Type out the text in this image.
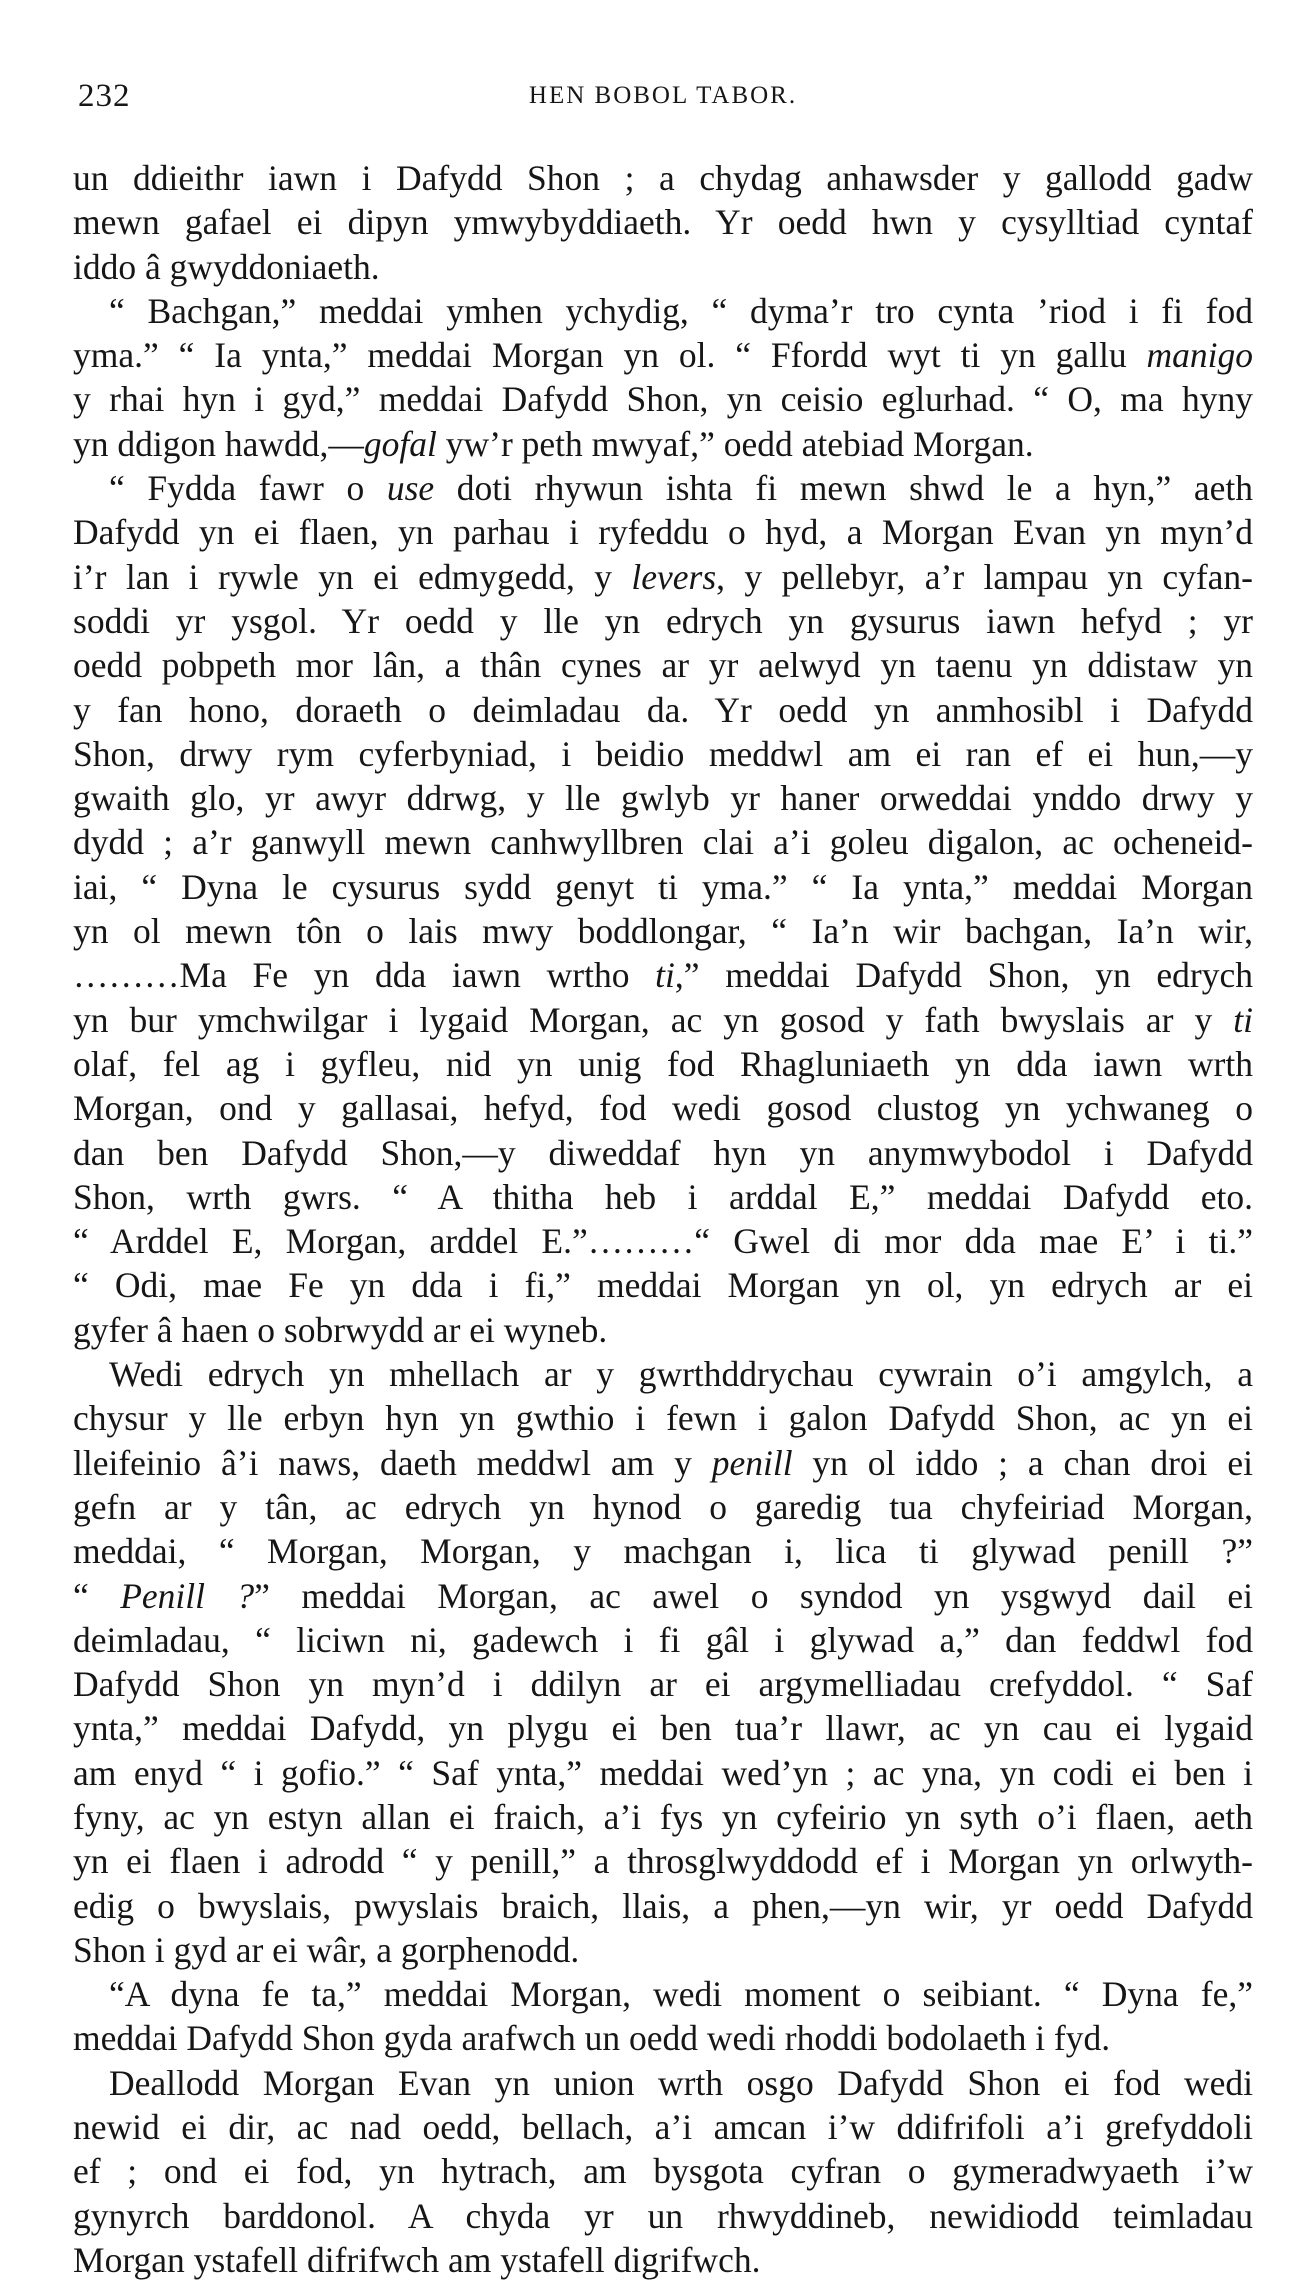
232	HEN BOBOL TABOR.
un ddieithr iawn i Dafydd Shon ; a chydag anhawsder y gallodd gadw
mewn gafael ei dipyn ymwybyddiaeth. Yr oedd hwn y cysylltiad cyntaf
iddo â gwyddoniaeth.
“ Bachgan,” meddai ymhen ychydig, “ dyma’r tro cynta ’riod i fi fod
yma.” “ Ia ynta,” meddai Morgan yn ol. “ Ffordd wyt ti yn gallu manigo
y rhai hyn i gyd,” meddai Dafydd Shon, yn ceisio eglurhad. “ O, ma hyny
yn ddigon hawdd,—gofal yw’r peth mwyaf,” oedd atebiad Morgan.
“ Fydda fawr o use doti rhywun ishta fi mewn shwd le a hyn,” aeth
Dafydd yn ei flaen, yn parhau i ryfeddu o hyd, a Morgan Evan yn myn’d
i’r lan i rywle yn ei edmygedd, y levers, y pellebyr, a’r lampau yn cyfan-
soddi yr ysgol. Yr oedd y lle yn edrych yn gysurus iawn hefyd ; yr
oedd pobpeth mor lân, a thân cynes ar yr aelwyd yn taenu yn ddistaw yn
y fan hono, doraeth o deimladau da. Yr oedd yn anmhosibl i Dafydd
Shon, drwy rym cyferbyniad, i beidio meddwl am ei ran ef ei hun,—y
gwaith glo, yr awyr ddrwg, y lle gwlyb yr haner orweddai ynddo drwy y
dydd ; a’r ganwyll mewn canhwyllbren clai a’i goleu digalon, ac ocheneid-
iai, “ Dyna le cysurus sydd genyt ti yma.” “ Ia ynta,” meddai Morgan
yn ol mewn tôn o lais mwy boddlongar, “ Ia’n wir bachgan, Ia’n wir,
………Ma Fe yn dda iawn wrtho ti,” meddai Dafydd Shon, yn edrych
yn bur ymchwilgar i lygaid Morgan, ac yn gosod y fath bwyslais ar y ti
olaf, fel ag i gyfleu, nid yn unig fod Rhagluniaeth yn dda iawn wrth
Morgan, ond y gallasai, hefyd, fod wedi gosod clustog yn ychwaneg o
dan ben Dafydd Shon,—y diweddaf hyn yn anymwybodol i Dafydd
Shon, wrth gwrs. “ A thitha heb i arddal E,” meddai Dafydd eto.
“ Arddel E, Morgan, arddel E.”………“ Gwel di mor dda mae E’ i ti.”
“ Odi, mae Fe yn dda i fi,” meddai Morgan yn ol, yn edrych ar ei
gyfer â haen o sobrwydd ar ei wyneb.
Wedi edrych yn mhellach ar y gwrthddrychau cywrain o’i amgylch, a
chysur y lle erbyn hyn yn gwthio i fewn i galon Dafydd Shon, ac yn ei
lleifeinio â’i naws, daeth meddwl am y penill yn ol iddo ; a chan droi ei
gefn ar y tân, ac edrych yn hynod o garedig tua chyfeiriad Morgan,
meddai, “ Morgan, Morgan, y machgan i, lica ti glywad penill ?”
“ Penill ?” meddai Morgan, ac awel o syndod yn ysgwyd dail ei
deimladau, “ liciwn ni, gadewch i fi gâl i glywad a,” dan feddwl fod
Dafydd Shon yn myn’d i ddilyn ar ei argymelliadau crefyddol. “ Saf
ynta,” meddai Dafydd, yn plygu ei ben tua’r llawr, ac yn cau ei lygaid
am enyd “ i gofio.” “ Saf ynta,” meddai wed’yn ; ac yna, yn codi ei ben i
fyny, ac yn estyn allan ei fraich, a’i fys yn cyfeirio yn syth o’i flaen, aeth
yn ei flaen i adrodd “ y penill,” a throsglwyddodd ef i Morgan yn orlwyth-
edig o bwyslais, pwyslais braich, llais, a phen,—yn wir, yr oedd Dafydd
Shon i gyd ar ei wâr, a gorphenodd.
“A dyna fe ta,” meddai Morgan, wedi moment o seibiant. “ Dyna fe,”
meddai Dafydd Shon gyda arafwch un oedd wedi rhoddi bodolaeth i fyd.
Deallodd Morgan Evan yn union wrth osgo Dafydd Shon ei fod wedi
newid ei dir, ac nad oedd, bellach, a’i amcan i’w ddifrifoli a’i grefyddoli
ef ; ond ei fod, yn hytrach, am bysgota cyfran o gymeradwyaeth i’w
gynyrch barddonol. A chyda yr un rhwyddineb, newidiodd teimladau
Morgan ystafell difrifwch am ystafell digrifwch.
